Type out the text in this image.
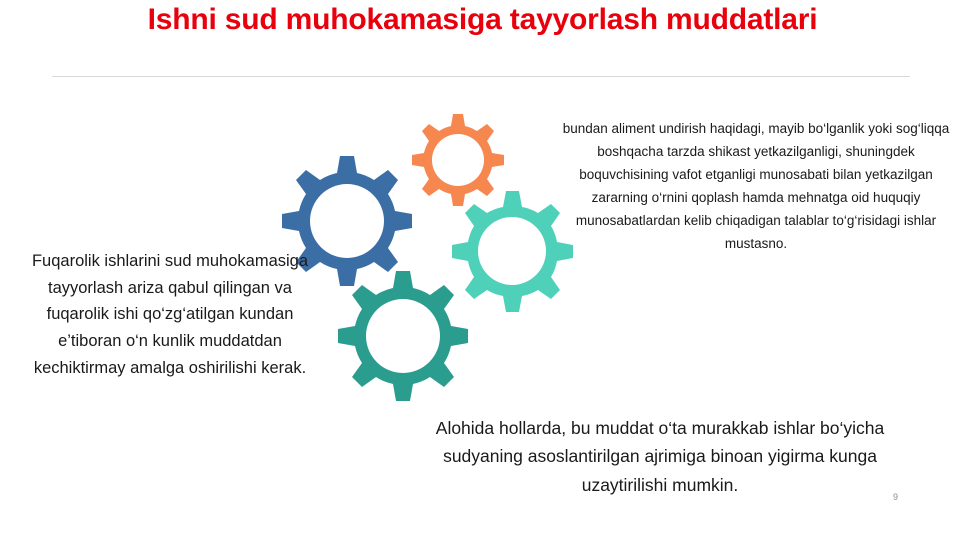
Ishni sud muhokamasiga tayyorlash muddatlari
Fuqarolik ishlarini sud muhokamasiga tayyorlash ariza qabul qilingan va fuqarolik ishi qo‘zg‘atilgan kundan e’tiboran o‘n kunlik muddatdan kechiktirmay amalga oshirilishi kerak.
bundan aliment undirish haqidagi, mayib bo‘lganlik yoki sog‘liqqa boshqacha tarzda shikast yetkazilganligi, shuningdek boquvchisining vafot etganligi munosabati bilan yetkazilgan zararning o‘rnini qoplash hamda mehnatga oid huquqiy munosabatlardan kelib chiqadigan talablar to‘g‘risidagi ishlar mustasno.
Alohida hollarda, bu muddat o‘ta murakkab ishlar bo‘yicha sudyaning asoslantirilgan ajrimiga binoan yigirma kunga uzaytirilishi mumkin.
9
